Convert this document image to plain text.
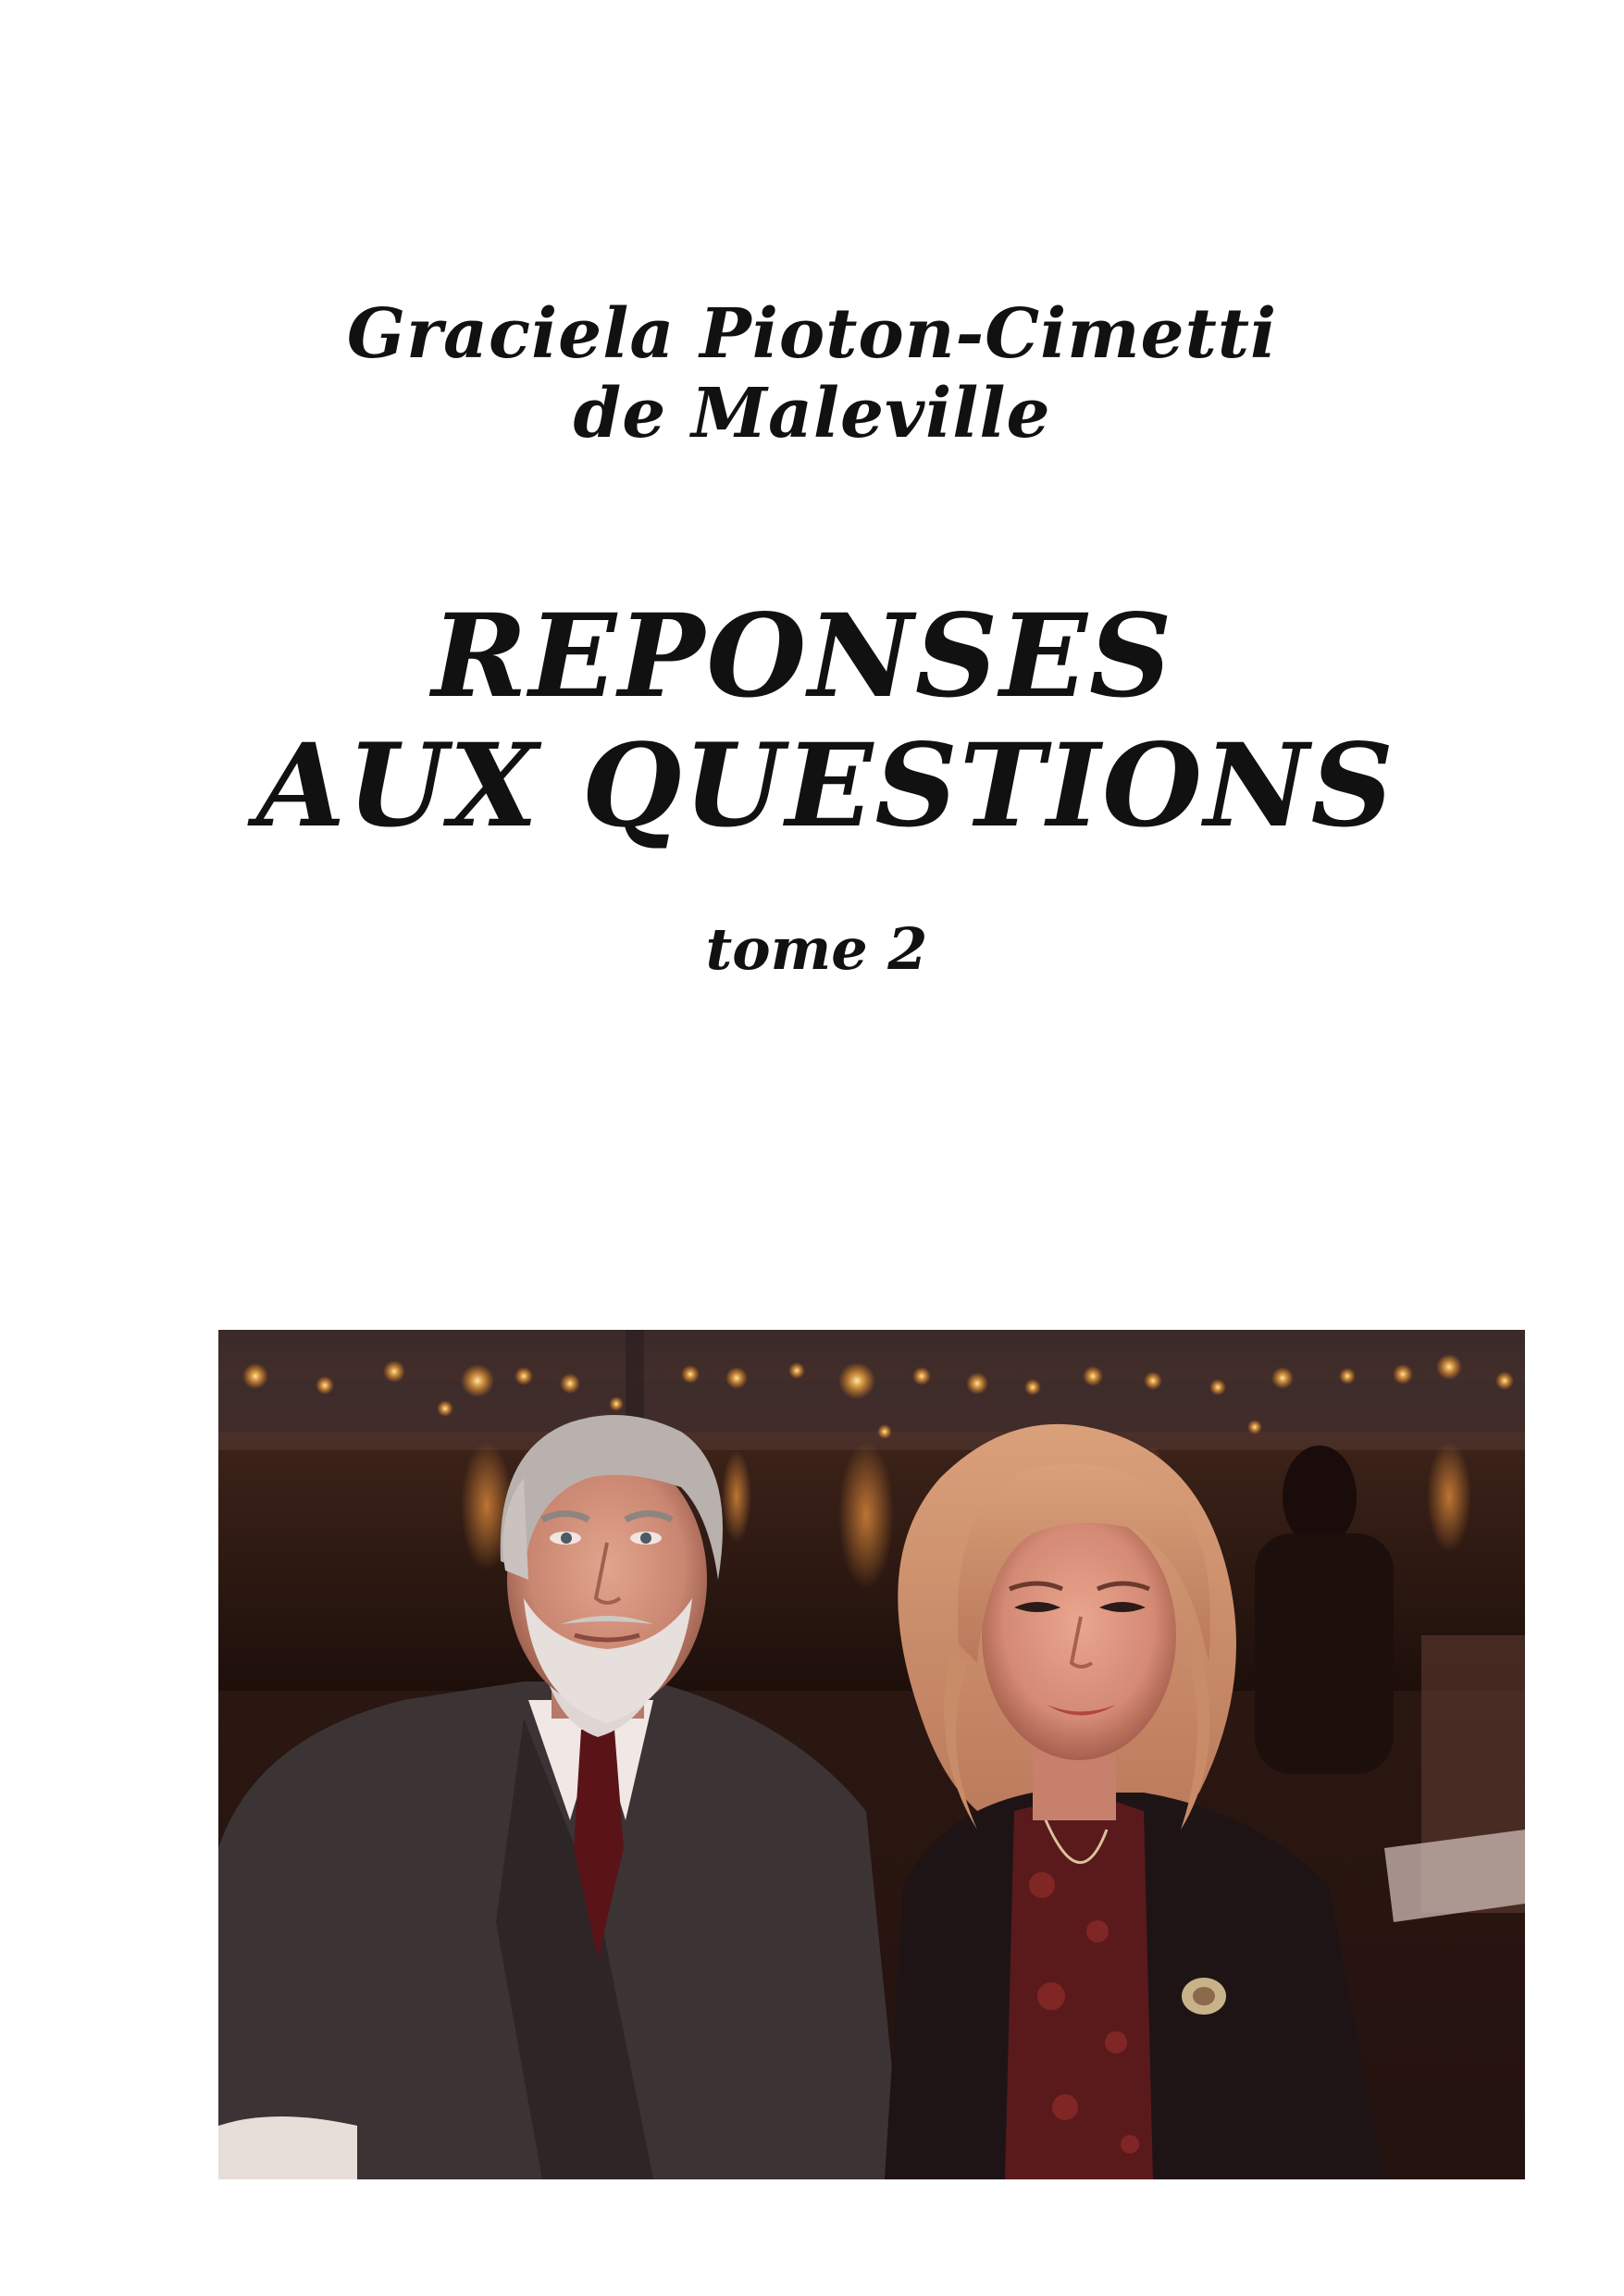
Graciela Pioton-Cimetti
de Maleville
REPONSES
AUX QUESTIONS
tome 2
